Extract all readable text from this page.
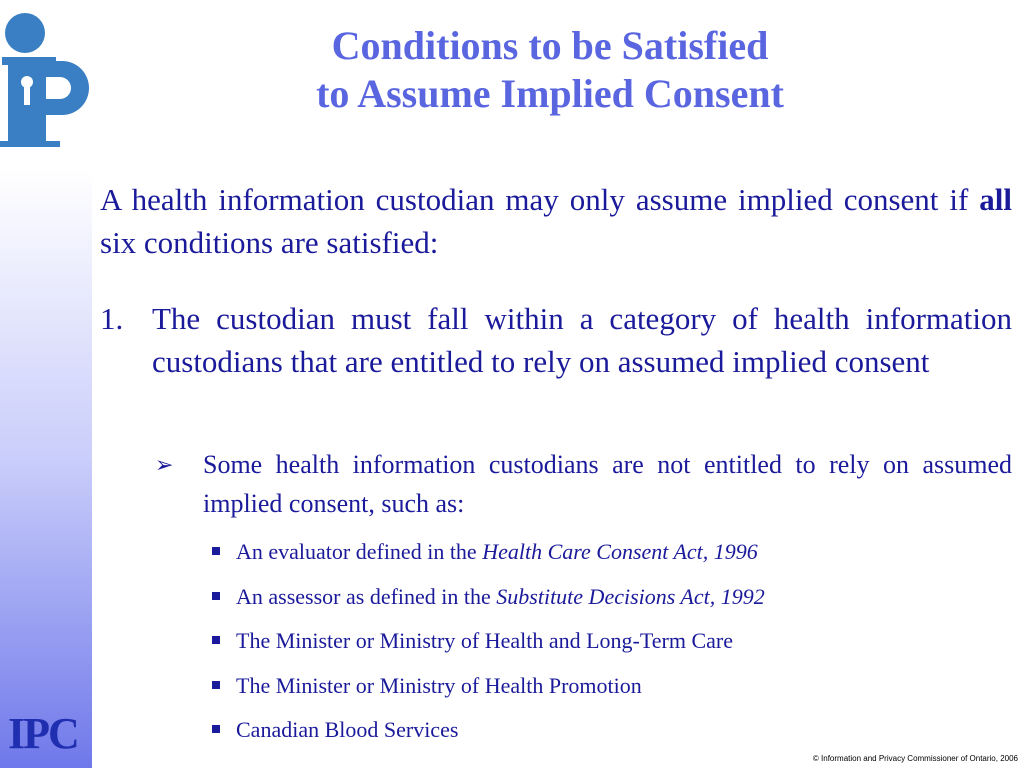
IPC
Conditions to be Satisfied
to Assume Implied Consent
A health information custodian may only assume implied consent if all six conditions are satisfied:
1. The custodian must fall within a category of health information custodians that are entitled to rely on assumed implied consent
➢ Some health information custodians are not entitled to rely on assumed implied consent, such as:
An evaluator defined in the Health Care Consent Act, 1996
An assessor as defined in the Substitute Decisions Act, 1992
The Minister or Ministry of Health and Long-Term Care
The Minister or Ministry of Health Promotion
Canadian Blood Services
© Information and Privacy Commissioner of Ontario, 2006
